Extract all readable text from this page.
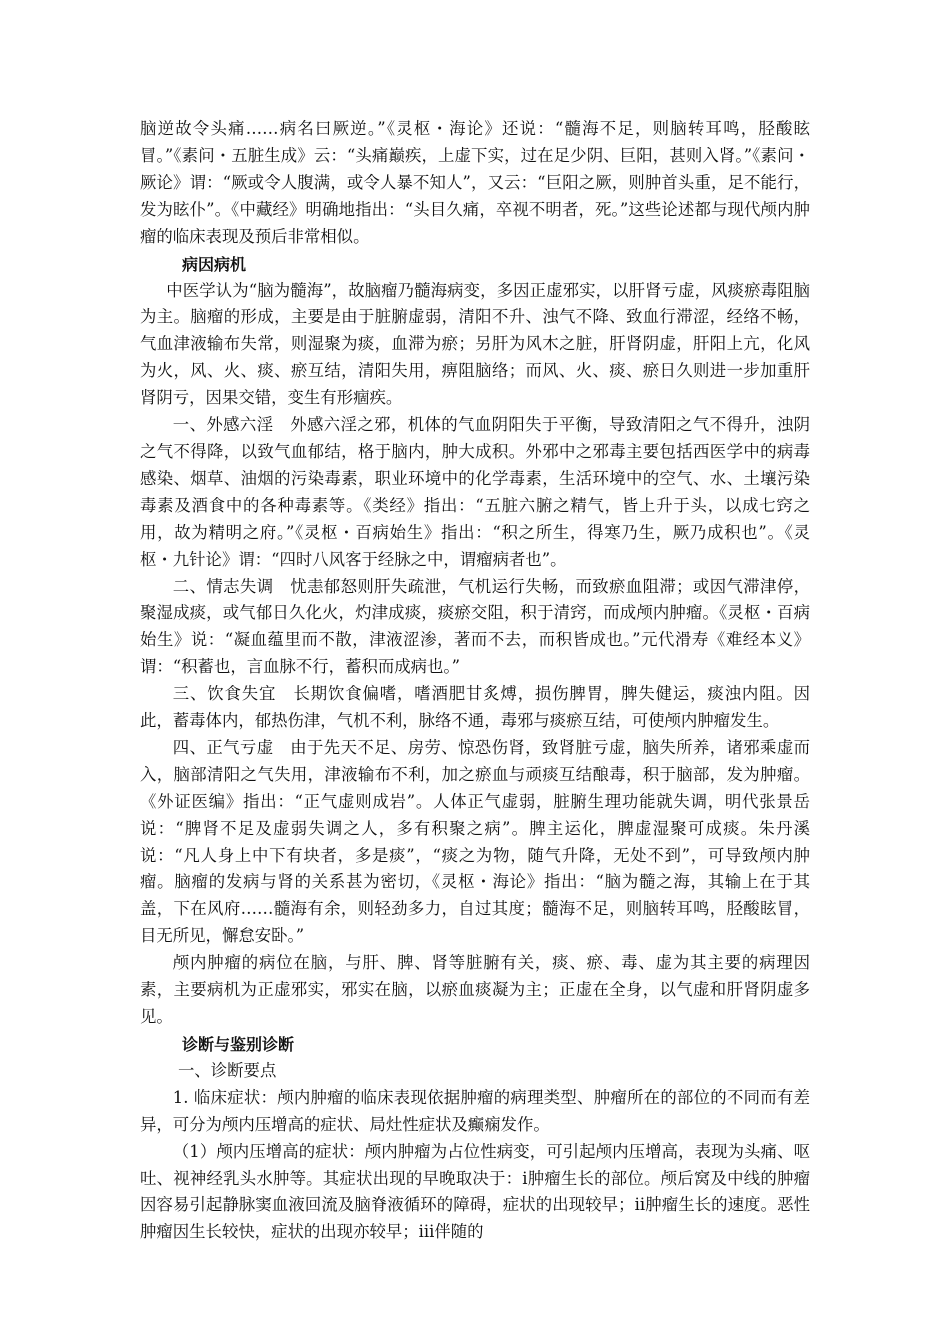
脑逆故令头痛……病名曰厥逆。”《灵枢・海论》还说：“髓海不足，则脑转耳鸣，胫酸眩冒。”《素问・五脏生成》云：“头痛巅疾，上虚下实，过在足少阴、巨阳，甚则入肾。”《素问・厥论》谓：“厥或令人腹满，或令人暴不知人”，又云：“巨阳之厥，则肿首头重，足不能行，发为眩仆”。《中藏经》明确地指出：“头目久痛，卒视不明者，死。”这些论述都与现代颅内肿瘤的临床表现及预后非常相似。

病因病机

中医学认为“脑为髓海”，故脑瘤乃髓海病变，多因正虚邪实，以肝肾亏虚，风痰瘀毒阻脑为主。脑瘤的形成，主要是由于脏腑虚弱，清阳不升、浊气不降、致血行滞涩，经络不畅，气血津液输布失常，则湿聚为痰，血滞为瘀；另肝为风木之脏，肝肾阴虚，肝阳上亢，化风为火，风、火、痰、瘀互结，清阳失用，痹阻脑络；而风、火、痰、瘀日久则进一步加重肝肾阴亏，因果交错，变生有形痼疾。

一、外感六淫　外感六淫之邪，机体的气血阴阳失于平衡，导致清阳之气不得升，浊阴之气不得降，以致气血郁结，格于脑内，肿大成积。外邪中之邪毒主要包括西医学中的病毒感染、烟草、油烟的污染毒素，职业环境中的化学毒素，生活环境中的空气、水、土壤污染毒素及酒食中的各种毒素等。《类经》指出：“五脏六腑之精气，皆上升于头，以成七窍之用，故为精明之府。”《灵枢・百病始生》指出：“积之所生，得寒乃生，厥乃成积也”。《灵枢・九针论》谓：“四时八风客于经脉之中，谓瘤病者也”。

二、情志失调　忧恚郁怒则肝失疏泄，气机运行失畅，而致瘀血阻滞；或因气滞津停，聚湿成痰，或气郁日久化火，灼津成痰，痰瘀交阻，积于清窍，而成颅内肿瘤。《灵枢・百病始生》说：“凝血蕴里而不散，津液涩渗，著而不去，而积皆成也。”元代滑寿《难经本义》谓：“积蓄也，言血脉不行，蓄积而成病也。”

三、饮食失宜　长期饮食偏嗜，嗜酒肥甘炙煿，损伤脾胃，脾失健运，痰浊内阻。因此，蓄毒体内，郁热伤津，气机不利，脉络不通，毒邪与痰瘀互结，可使颅内肿瘤发生。

四、正气亏虚　由于先天不足、房劳、惊恐伤肾，致肾脏亏虚，脑失所养，诸邪乘虚而入，脑部清阳之气失用，津液输布不利，加之瘀血与顽痰互结酿毒，积于脑部，发为肿瘤。《外证医编》指出：“正气虚则成岩”。人体正气虚弱，脏腑生理功能就失调，明代张景岳说：“脾肾不足及虚弱失调之人，多有积聚之病”。脾主运化，脾虚湿聚可成痰。朱丹溪说：“凡人身上中下有块者，多是痰”，“痰之为物，随气升降，无处不到”，可导致颅内肿瘤。脑瘤的发病与肾的关系甚为密切，《灵枢・海论》指出：“脑为髓之海，其输上在于其盖，下在风府……髓海有余，则轻劲多力，自过其度；髓海不足，则脑转耳鸣，胫酸眩冒，目无所见，懈怠安卧。”

颅内肿瘤的病位在脑，与肝、脾、肾等脏腑有关，痰、瘀、毒、虚为其主要的病理因素，主要病机为正虚邪实，邪实在脑，以瘀血痰凝为主；正虚在全身，以气虚和肝肾阴虚多见。

诊断与鉴别诊断

一、诊断要点

1. 临床症状：颅内肿瘤的临床表现依据肿瘤的病理类型、肿瘤所在的部位的不同而有差异，可分为颅内压增高的症状、局灶性症状及癫痫发作。

（1）颅内压增高的症状：颅内肿瘤为占位性病变，可引起颅内压增高，表现为头痛、呕吐、视神经乳头水肿等。其症状出现的早晚取决于：ⅰ肿瘤生长的部位。颅后窝及中线的肿瘤因容易引起静脉窦血液回流及脑脊液循环的障碍，症状的出现较早；ⅱ肿瘤生长的速度。恶性肿瘤因生长较快，症状的出现亦较早；ⅲ伴随的
